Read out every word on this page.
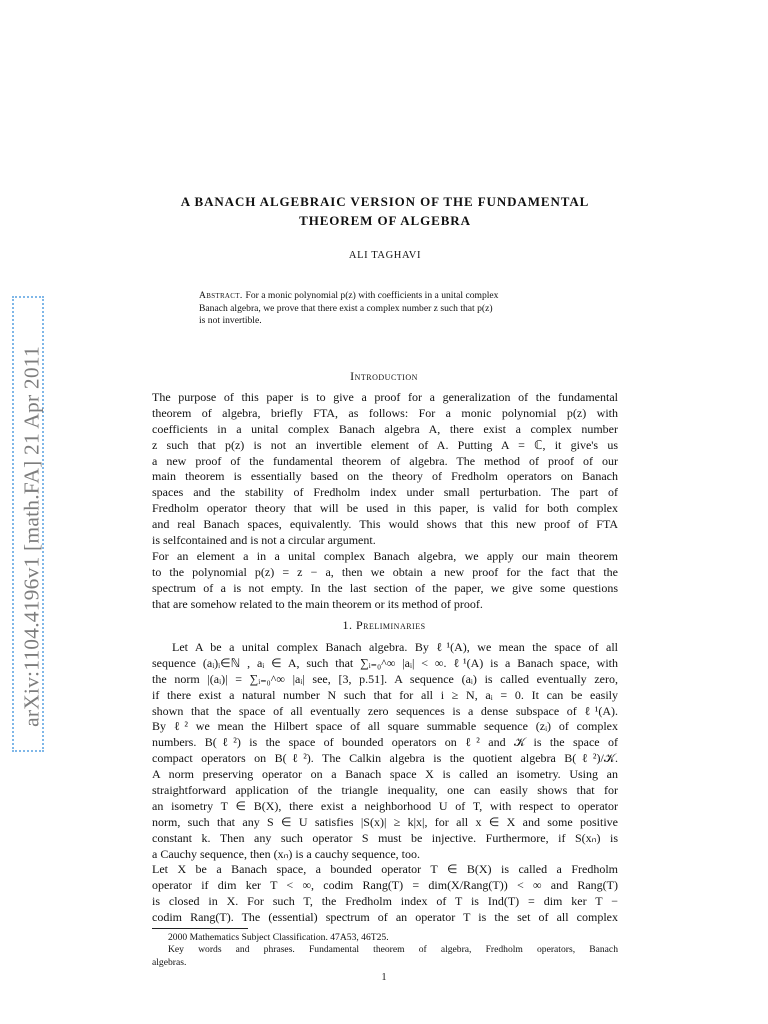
arXiv:1104.4196v1 [math.FA] 21 Apr 2011
A BANACH ALGEBRAIC VERSION OF THE FUNDAMENTAL
THEOREM OF ALGEBRA
ALI TAGHAVI
Abstract. For a monic polynomial p(z) with coefficients in a unital complex
Banach algebra, we prove that there exist a complex number z such that p(z)
is not invertible.
Introduction
The purpose of this paper is to give a proof for a generalization of the fundamental
theorem of algebra, briefly FTA, as follows: For a monic polynomial p(z) with
coefficients in a unital complex Banach algebra A, there exist a complex number
z such that p(z) is not an invertible element of A. Putting A = ℂ, it give's us
a new proof of the fundamental theorem of algebra. The method of proof of our
main theorem is essentially based on the theory of Fredholm operators on Banach
spaces and the stability of Fredholm index under small perturbation. The part of
Fredholm operator theory that will be used in this paper, is valid for both complex
and real Banach spaces, equivalently. This would shows that this new proof of FTA
is selfcontained and is not a circular argument.
For an element a in a unital complex Banach algebra, we apply our main theorem
to the polynomial p(z) = z − a, then we obtain a new proof for the fact that the
spectrum of a is not empty. In the last section of the paper, we give some questions
that are somehow related to the main theorem or its method of proof.
1. Preliminaries
Let A be a unital complex Banach algebra. By ℓ¹(A), we mean the space of all
sequence (aᵢ)ᵢ∈ℕ , aᵢ ∈ A, such that ∑ᵢ₌₀^∞ |aᵢ| < ∞. ℓ¹(A) is a Banach space, with
the norm |(aᵢ)| = ∑ᵢ₌₀^∞ |aᵢ| see, [3, p.51]. A sequence (aᵢ) is called eventually zero,
if there exist a natural number N such that for all i ≥ N, aᵢ = 0. It can be easily
shown that the space of all eventually zero sequences is a dense subspace of ℓ¹(A).
By ℓ² we mean the Hilbert space of all square summable sequence (zᵢ) of complex
numbers. B(ℓ²) is the space of bounded operators on ℓ² and 𝒦 is the space of
compact operators on B(ℓ²). The Calkin algebra is the quotient algebra B(ℓ²)/𝒦.
A norm preserving operator on a Banach space X is called an isometry. Using an
straightforward application of the triangle inequality, one can easily shows that for
an isometry T ∈ B(X), there exist a neighborhood U of T, with respect to operator
norm, such that any S ∈ U satisfies |S(x)| ≥ k|x|, for all x ∈ X and some positive
constant k. Then any such operator S must be injective. Furthermore, if S(xₙ) is
a Cauchy sequence, then (xₙ) is a cauchy sequence, too.
Let X be a Banach space, a bounded operator T ∈ B(X) is called a Fredholm
operator if dim ker T < ∞, codim Rang(T) = dim(X/Rang(T)) < ∞ and Rang(T)
is closed in X. For such T, the Fredholm index of T is Ind(T) = dim ker T −
codim Rang(T). The (essential) spectrum of an operator T is the set of all complex
2000 Mathematics Subject Classification. 47A53, 46T25.
Key words and phrases. Fundamental theorem of algebra, Fredholm operators, Banach
algebras.
1
